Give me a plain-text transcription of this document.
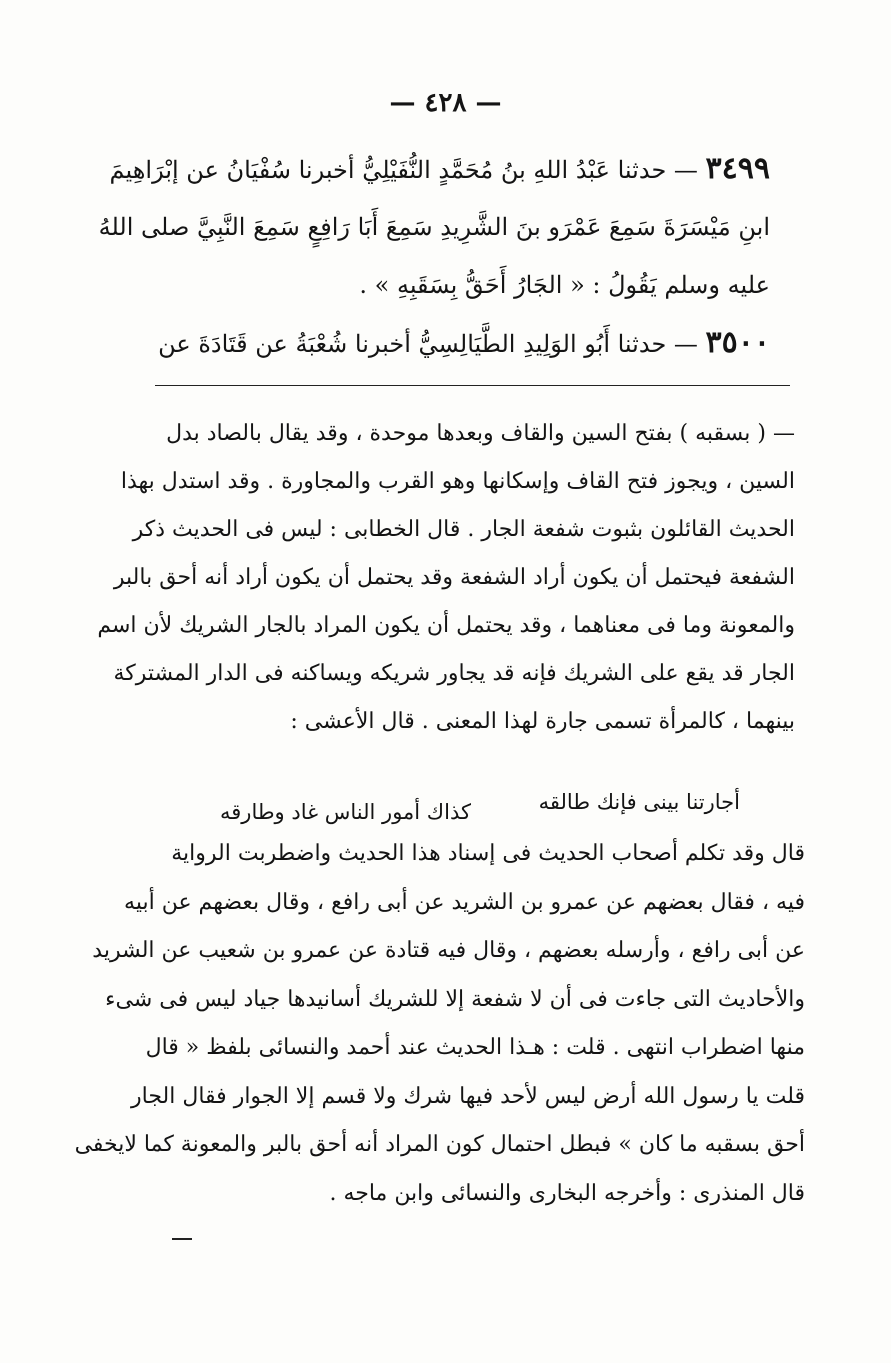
— ٤٢٨ —
٣٤٩٩ — حدثنا عَبْدُ اللهِ بنُ مُحَمَّدٍ النُّفَيْلِيُّ أخبرنا سُفْيَانُ عن إبْرَاهِيمَ
ابنِ مَيْسَرَةَ سَمِعَ عَمْرَو بنَ الشَّرِيدِ سَمِعَ أَبَا رَافِعٍ سَمِعَ النَّبِيَّ صلى اللهُ
عليه وسلم يَقُولُ : « الجَارُ أَحَقُّ بِسَقَبِهِ » .
٣٥٠٠ — حدثنا أَبُو الوَلِيدِ الطَّيَالِسِيُّ أخبرنا شُعْبَةُ عن قَتَادَةَ عن
— ( بسقبه ) بفتح السين والقاف وبعدها موحدة ، وقد يقال بالصاد بدل
السين ، ويجوز فتح القاف وإسكانها وهو القرب والمجاورة . وقد استدل بهذا
الحديث القائلون بثبوت شفعة الجار . قال الخطابى : ليس فى الحديث ذكر
الشفعة فيحتمل أن يكون أراد الشفعة وقد يحتمل أن يكون أراد أنه أحق بالبر
والمعونة وما فى معناهما ، وقد يحتمل أن يكون المراد بالجار الشريك لأن اسم
الجار قد يقع على الشريك فإنه قد يجاور شريكه ويساكنه فى الدار المشتركة
بينهما ، كالمرأة تسمى جارة لهذا المعنى . قال الأعشى :
أجارتنا بينى فإنك طالقه
كذاك أمور الناس غاد وطارقه
قال وقد تكلم أصحاب الحديث فى إسناد هذا الحديث واضطربت الرواية
فيه ، فقال بعضهم عن عمرو بن الشريد عن أبى رافع ، وقال بعضهم عن أبيه
عن أبى رافع ، وأرسله بعضهم ، وقال فيه قتادة عن عمرو بن شعيب عن الشريد
والأحاديث التى جاءت فى أن لا شفعة إلا للشريك أسانيدها جياد ليس فى شىء
منها اضطراب انتهى . قلت : هـذا الحديث عند أحمد والنسائى بلفظ « قال
قلت يا رسول الله أرض ليس لأحد فيها شرك ولا قسم إلا الجوار فقال الجار
أحق بسقبه ما كان » فبطل احتمال كون المراد أنه أحق بالبر والمعونة كما لايخفى
قال المنذرى : وأخرجه البخارى والنسائى وابن ماجه .
